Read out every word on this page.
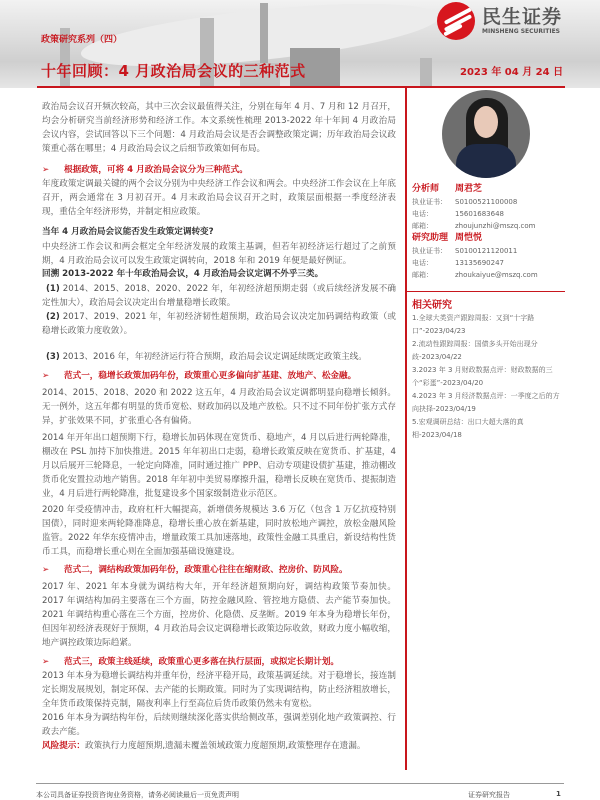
政策研究系列（四）
十年回顾：4 月政治局会议的三种范式	2023 年 04 月 24 日
民生证券
MINSHENG SECURITIES
政治局会议召开频次较高，其中三次会议最值得关注，分别在每年 4 月、7 月和 12 月召开，均会分析研究当前经济形势和经济工作。本文系统性梳理 2013-2022 年十年间 4 月政治局会议内容，尝试回答以下三个问题：4 月政治局会议是否会调整政策定调；历年政治局会议政策重心落在哪里；4 月政治局会议之后细节政策如何布局。
➢ 根据政策，可将 4 月政治局会议分为三种范式。
年度政策定调最关键的两个会议分别为中央经济工作会议和两会。中央经济工作会议在上年底召开，两会通常在 3 月初召开。4 月末政治局会议召开之时，政策层面根据一季度经济表现，重估全年经济形势，并制定相应政策。
当年 4 月政治局会议能否发生政策定调转变?
中央经济工作会议和两会框定全年经济发展的政策主基调，但若年初经济运行超过了之前预期，4 月政治局会议可以发生政策定调转向，2018 年和 2019 年便是最好例证。
回溯 2013-2022 年十年政治局会议，4 月政治局会议定调不外乎三类。
(1) 2014、2015、2018、2020、2022 年，年初经济超预期走弱（或后续经济发展不确定性加大），政治局会议决定出台增量稳增长政策。
(2) 2017、2019、2021 年，年初经济韧性超预期，政治局会议决定加码调结构政策（或稳增长政策力度收敛）。
(3) 2013、2016 年，年初经济运行符合预期，政治局会议定调延续既定政策主线。
➢ 范式一，稳增长政策加码年份，政策重心更多偏向扩基建、放地产、松金融。
2014、2015、2018、2020 和 2022 这五年，4 月政治局会议定调都明显向稳增长倾斜。无一例外，这五年都有明显的货币宽松、财政加码以及地产放松。只不过不同年份扩张方式存异，扩张效果不同，扩张重心各有偏倚。
2014 年开年出口超预期下行，稳增长加码体现在宽货币、稳地产，4 月以后进行两轮降准，棚改在 PSL 加持下加快推进。2015 年年初出口走弱，稳增长政策反映在宽货币、扩基建，4 月以后展开三轮降息，一轮定向降准，同时通过推广 PPP、启动专项建设债扩基建，推动棚改货币化安置拉动地产销售。2018 年年初中美贸易摩擦升温，稳增长反映在宽货币、提振制造业，4 月后进行两轮降准，批复建设多个国家级制造业示范区。
2020 年受疫情冲击，政府杠杆大幅提高，新增债务规模达 3.6 万亿（包含 1 万亿抗疫特别国债），同时迎来两轮降准降息，稳增长重心放在新基建，同时放松地产调控，放松金融风险监管。2022 年华东疫情冲击，增量政策工具加速落地，政策性金融工具重启，新设结构性货币工具，而稳增长重心则在全面加强基础设施建设。
➢ 范式二，调结构政策加码年份，政策重心往往在缩财政、控房价、防风险。
2017 年、2021 年本身就为调结构大年，开年经济超预期向好，调结构政策节奏加快。2017 年调结构加码主要落在三个方面，防控金融风险、管控地方隐债、去产能节奏加快。2021 年调结构重心落在三个方面，控房价、化隐债、反垄断。2019 年本身为稳增长年份，但因年初经济表现好于预期，4 月政治局会议定调稳增长政策边际收敛，财政力度小幅收缩，地产调控政策边际趋紧。
➢ 范式三，政策主线延续，政策重心更多落在执行层面，或拟定长期计划。
2013 年本身为稳增长调结构并重年份，经济平稳开局，政策基调延续。对于稳增长，接连制定长期发展规划，制定环保、去产能的长期政策。同时为了实现调结构，防止经济粗放增长，全年货币政策保持克制，隔夜利率上行至高位后货币政策仍然未有宽松。
2016 年本身为调结构年份，后续则继续深化落实供给侧改革，强调差别化地产政策调控、行政去产能。
风险提示：政策执行力度超预期,遗漏未覆盖领域政策力度超预期,政策整理存在遗漏。
分析师 周君芝
执业证书： S0100521100008
电话：	15601683648
邮箱：	zhoujunzhi@mszq.com
研究助理 周恺悦
执业证书： S0100121120011
电话：	13135690247
邮箱：	zhoukaiyue@mszq.com
相关研究
1.全球大类资产跟踪周报：又到“十字路口”-2023/04/23
2.流动性跟踪周报：国债多头开始出现分歧-2023/04/22
3.2023 年 3 月财政数据点评：财政数据的三个“彩蛋”-2023/04/20
4.2023 年 3 月经济数据点评：一季度之后的方向抉择-2023/04/19
5.宏观调研总结：出口大超大落的真相-2023/04/18
本公司具备证券投资咨询业务资格，请务必阅读最后一页免责声明	证券研究报告	1
